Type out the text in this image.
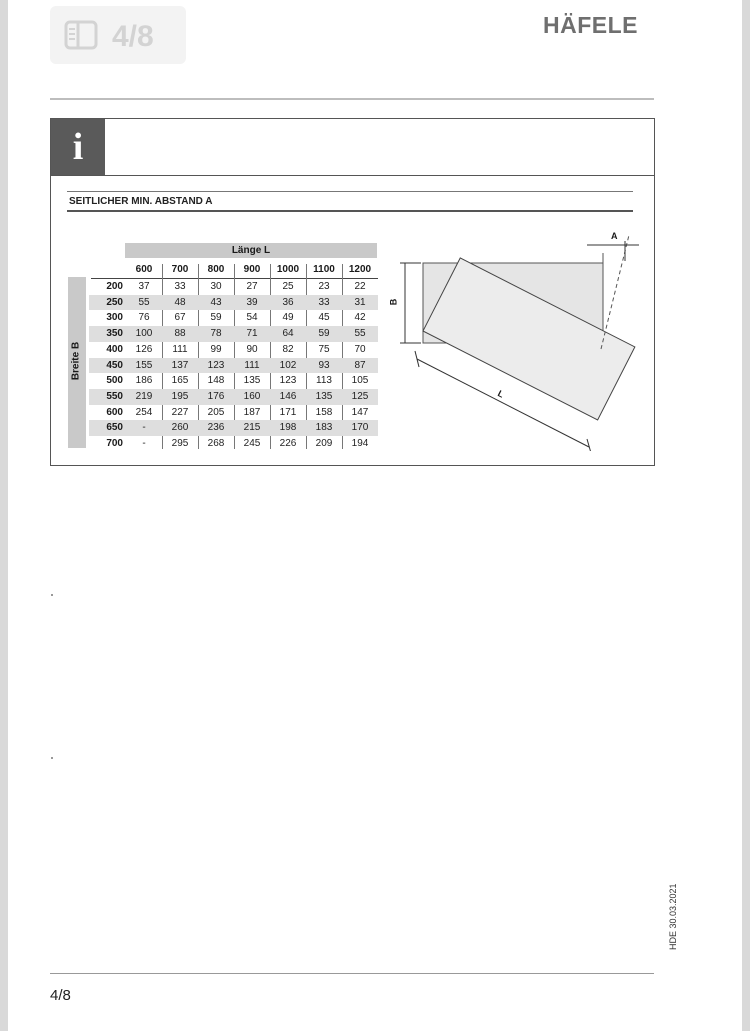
4/8	HÄFELE
i
SEITLICHER MIN. ABSTAND A
Länge L
Breite B
600	700	800	900	1000	1100	1200
200	37	33	30	27	25	23	22
250	55	48	43	39	36	33	31
300	76	67	59	54	49	45	42
350	100	88	78	71	64	59	55
400	126	111	99	90	82	75	70
450	155	137	123	111	102	93	87
500	186	165	148	135	123	113	105
550	219	195	176	160	146	135	125
600	254	227	205	187	171	158	147
650	-	260	236	215	198	183	170
700	-	295	268	245	226	209	194
A
B
L
HDE 30.03.2021
4/8
